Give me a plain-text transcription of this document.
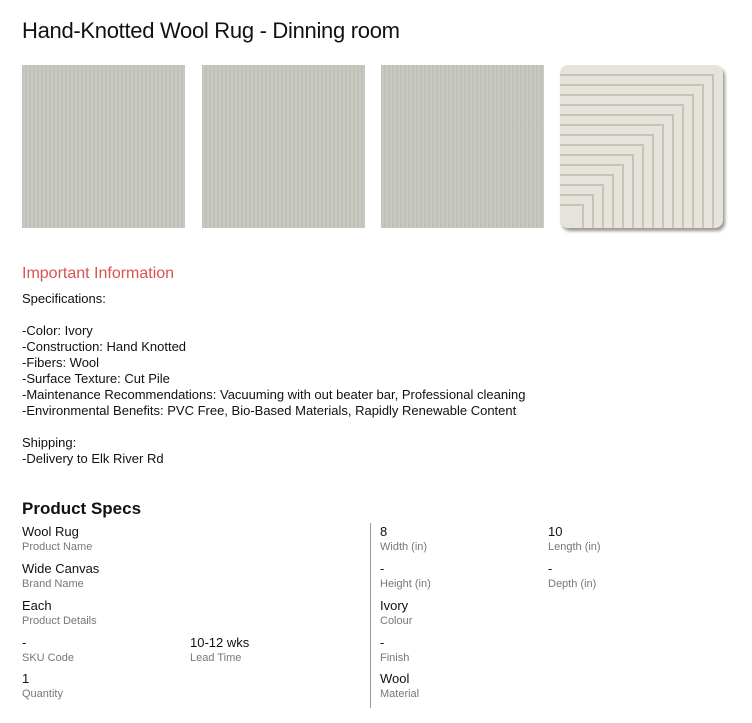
Hand-Knotted Wool Rug - Dinning room
Important Information
Specifications:
-Color: Ivory
-Construction: Hand Knotted
-Fibers: Wool
-Surface Texture: Cut Pile
-Maintenance Recommendations: Vacuuming with out beater bar, Professional cleaning
-Environmental Benefits: PVC Free, Bio-Based Materials, Rapidly Renewable Content
Shipping:
-Delivery to Elk River Rd
Product Specs
Wool Rug
Product Name
Wide Canvas
Brand Name
Each
Product Details
-
SKU Code
10-12 wks
Lead Time
1
Quantity
8
Width (in)
10
Length (in)
-
Height (in)
-
Depth (in)
Ivory
Colour
-
Finish
Wool
Material
